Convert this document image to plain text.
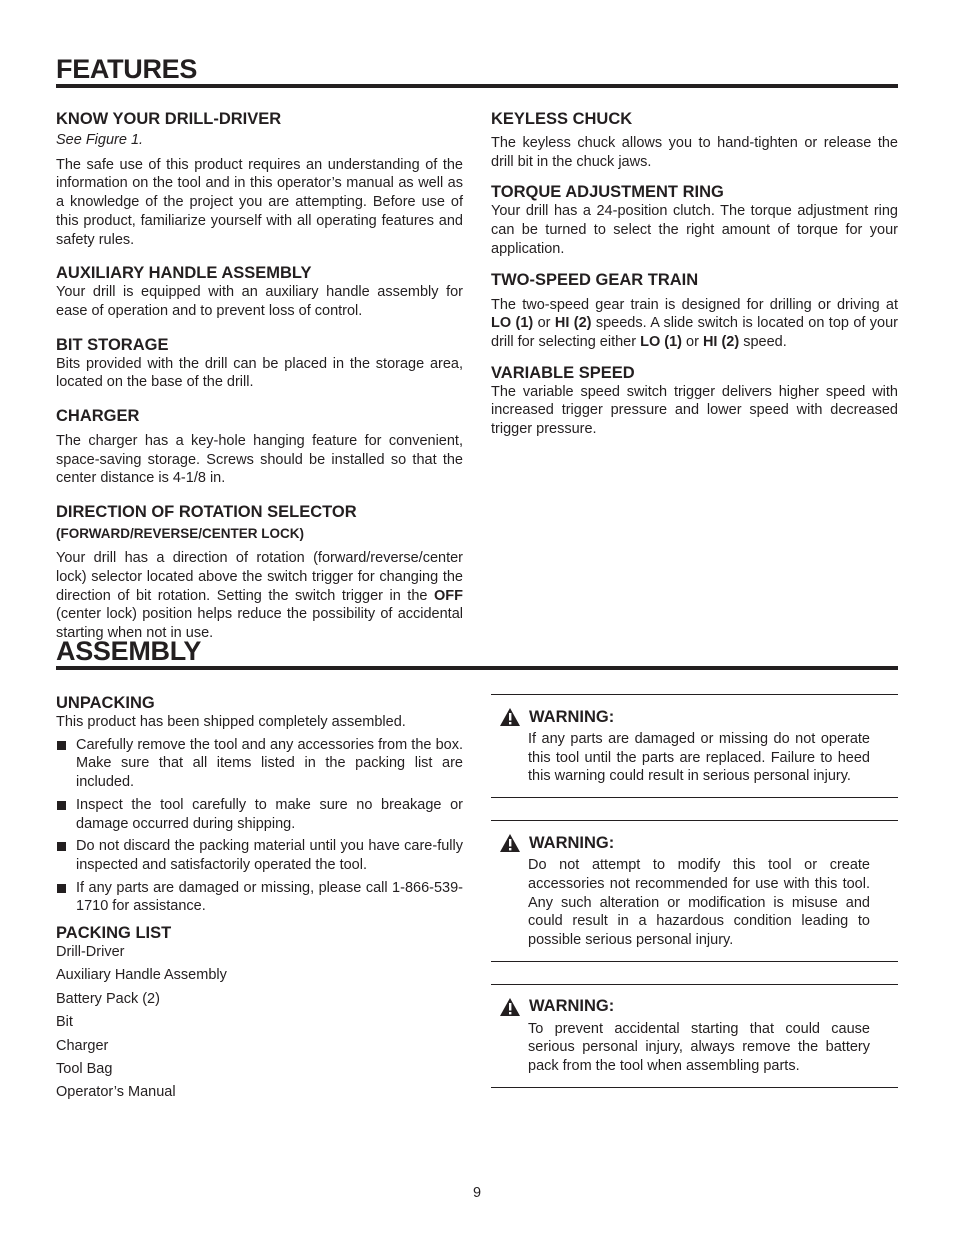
FEATURES
KNOW YOUR DRILL-DRIVER

See Figure 1.

The safe use of this product requires an understanding of the information on the tool and in this operator’s manual as well as a knowledge of the project you are attempting. Before use of this product, familiarize yourself with all operating features and safety rules.

AUXILIARY HANDLE ASSEMBLY

Your drill is equipped with an auxiliary handle assembly for ease of operation and to prevent loss of control.

BIT STORAGE

Bits provided with the drill can be placed in the storage area, located on the base of the drill.

CHARGER

The charger has a key-hole hanging feature for convenient, space-saving storage. Screws should be installed so that the center distance is 4-1/8 in.

DIRECTION OF ROTATION SELECTOR
(FORWARD/REVERSE/CENTER LOCK)

Your drill has a direction of rotation (forward/reverse/center lock) selector located above the switch trigger for changing the direction of bit rotation. Setting the switch trigger in the OFF (center lock) position helps reduce the possibility of accidental starting when not in use.

KEYLESS CHUCK

The keyless chuck allows you to hand-tighten or release the drill bit in the chuck jaws.

TORQUE ADJUSTMENT RING

Your drill has a 24-position clutch. The torque adjustment ring can be turned to select the right amount of torque for your application.

TWO-SPEED GEAR TRAIN

The two-speed gear train is designed for drilling or driving at LO (1) or HI (2) speeds. A slide switch is located on top of your drill for selecting either LO (1) or HI (2) speed.

VARIABLE SPEED

The variable speed switch trigger delivers higher speed with increased trigger pressure and lower speed with decreased trigger pressure.

ASSEMBLY
UNPACKING

This product has been shipped completely assembled.

Carefully remove the tool and any accessories from the box. Make sure that all items listed in the packing list are included.
Inspect the tool carefully to make sure no breakage or damage occurred during shipping.
Do not discard the packing material until you have care-fully inspected and satisfactorily operated the tool.
If any parts are damaged or missing, please call 1-866-539-1710 for assistance.
PACKING LIST
Drill-Driver
Auxiliary Handle Assembly
Battery Pack (2)
Bit
Charger
Tool Bag
Operator’s Manual
WARNING:

If any parts are damaged or missing do not operate this tool until the parts are replaced. Failure to heed this warning could result in serious personal injury.

WARNING:

Do not attempt to modify this tool or create accessories not recommended for use with this tool. Any such alteration or modification is misuse and could result in a hazardous condition leading to possible serious personal injury.

WARNING:

To prevent accidental starting that could cause serious personal injury, always remove the battery pack from the tool when assembling parts.

9
